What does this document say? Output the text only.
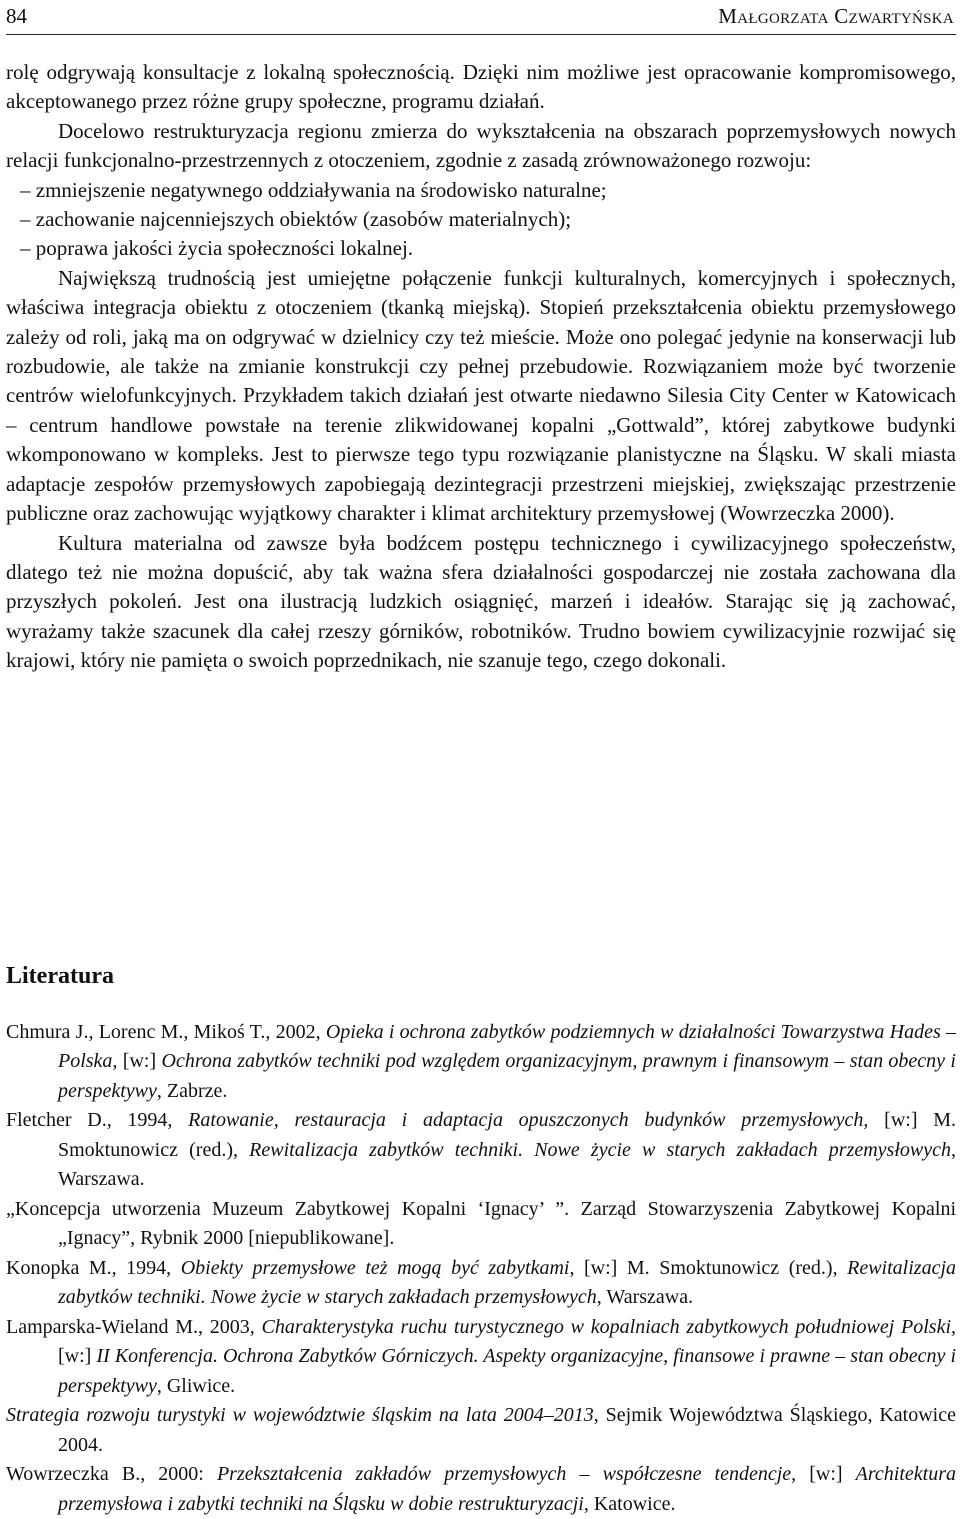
84	Małgorzata Czwartyńska

rolę odgrywają konsultacje z lokalną społecznością. Dzięki nim możliwe jest opracowanie kompromisowego, akceptowanego przez różne grupy społeczne, programu działań.

Docelowo restrukturyzacja regionu zmierza do wykształcenia na obszarach poprzemysłowych nowych relacji funkcjonalno-przestrzennych z otoczeniem, zgodnie z zasadą zrównoważonego rozwoju:

– zmniejszenie negatywnego oddziaływania na środowisko naturalne;

– zachowanie najcenniejszych obiektów (zasobów materialnych);

– poprawa jakości życia społeczności lokalnej.

Największą trudnością jest umiejętne połączenie funkcji kulturalnych, komercyjnych i społecznych, właściwa integracja obiektu z otoczeniem (tkanką miejską). Stopień przekształcenia obiektu przemysłowego zależy od roli, jaką ma on odgrywać w dzielnicy czy też mieście. Może ono polegać jedynie na konserwacji lub rozbudowie, ale także na zmianie konstrukcji czy pełnej przebudowie. Rozwiązaniem może być tworzenie centrów wielofunkcyjnych. Przykładem takich działań jest otwarte niedawno Silesia City Center w Katowicach – centrum handlowe powstałe na terenie zlikwidowanej kopalni „Gottwald”, której zabytkowe budynki wkomponowano w kompleks. Jest to pierwsze tego typu rozwiązanie planistyczne na Śląsku. W skali miasta adaptacje zespołów przemysłowych zapobiegają dezintegracji przestrzeni miejskiej, zwiększając przestrzenie publiczne oraz zachowując wyjątkowy charakter i klimat architektury przemysłowej (Wowrzeczka 2000).

Kultura materialna od zawsze była bodźcem postępu technicznego i cywilizacyjnego społeczeństw, dlatego też nie można dopuścić, aby tak ważna sfera działalności gospodarczej nie została zachowana dla przyszłych pokoleń. Jest ona ilustracją ludzkich osiągnięć, marzeń i ideałów. Starając się ją zachować, wyrażamy także szacunek dla całej rzeszy górników, robotników. Trudno bowiem cywilizacyjnie rozwijać się krajowi, który nie pamięta o swoich poprzednikach, nie szanuje tego, czego dokonali.

Literatura

Chmura J., Lorenc M., Mikoś T., 2002, Opieka i ochrona zabytków podziemnych w działalności Towarzystwa Hades – Polska, [w:] Ochrona zabytków techniki pod względem organizacyjnym, prawnym i finansowym – stan obecny i perspektywy, Zabrze.

Fletcher D., 1994, Ratowanie, restauracja i adaptacja opuszczonych budynków przemysłowych, [w:] M. Smoktunowicz (red.), Rewitalizacja zabytków techniki. Nowe życie w starych zakładach przemysłowych, Warszawa.

„Koncepcja utworzenia Muzeum Zabytkowej Kopalni ‘Ignacy’ ”. Zarząd Stowarzyszenia Zabytkowej Kopalni „Ignacy”, Rybnik 2000 [niepublikowane].

Konopka M., 1994, Obiekty przemysłowe też mogą być zabytkami, [w:] M. Smoktunowicz (red.), Rewitalizacja zabytków techniki. Nowe życie w starych zakładach przemysłowych, Warszawa.

Lamparska-Wieland M., 2003, Charakterystyka ruchu turystycznego w kopalniach zabytkowych południowej Polski, [w:] II Konferencja. Ochrona Zabytków Górniczych. Aspekty organizacyjne, finansowe i prawne – stan obecny i perspektywy, Gliwice.

Strategia rozwoju turystyki w województwie śląskim na lata 2004–2013, Sejmik Województwa Śląskiego, Katowice 2004.

Wowrzeczka B., 2000: Przekształcenia zakładów przemysłowych – współczesne tendencje, [w:] Architektura przemysłowa i zabytki techniki na Śląsku w dobie restrukturyzacji, Katowice.
